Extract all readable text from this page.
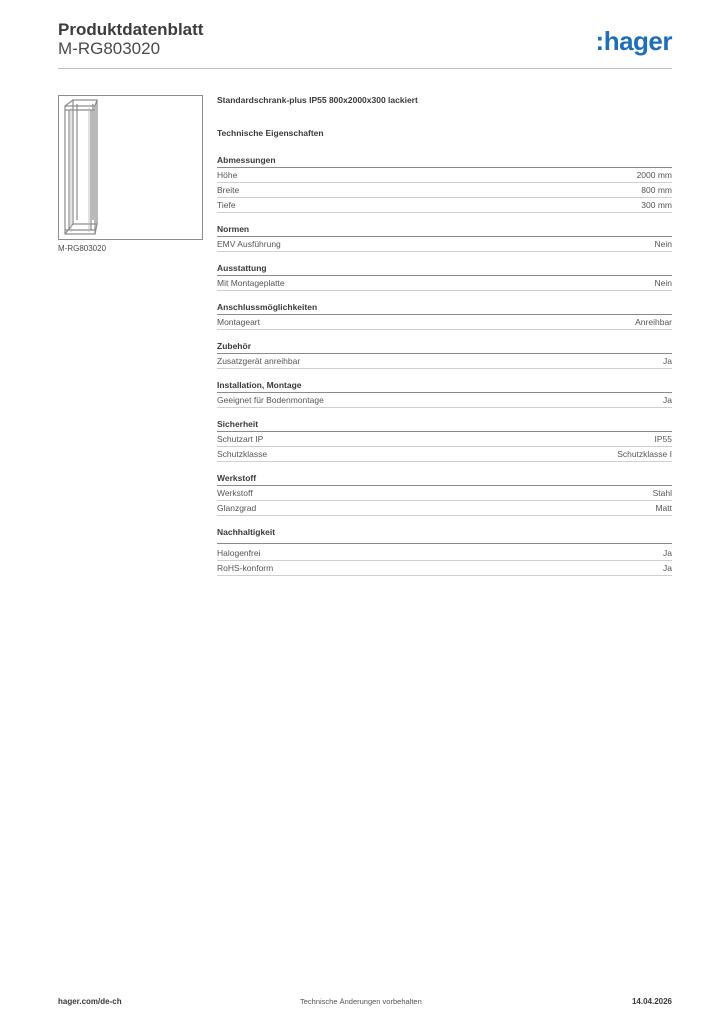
Produktdatenblatt
M-RG803020	:hager
M-RG803020
Standardschrank-plus IP55 800x2000x300 lackiert
Technische Eigenschaften
Abmessungen
Höhe	2000 mm
Breite	800 mm
Tiefe	300 mm
Normen
EMV Ausführung	Nein
Ausstattung
Mit Montageplatte	Nein
Anschlussmöglichkeiten
Montageart	Anreihbar
Zubehör
Zusatzgerät anreihbar	Ja
Installation, Montage
Geeignet für Bodenmontage	Ja
Sicherheit
Schutzart IP	IP55
Schutzklasse	Schutzklasse I
Werkstoff
Werkstoff	Stahl
Glanzgrad	Matt
Nachhaltigkeit
Halogenfrei	Ja
RoHS-konform	Ja
hager.com/de-ch	Technische Änderungen vorbehalten	14.04.2026
